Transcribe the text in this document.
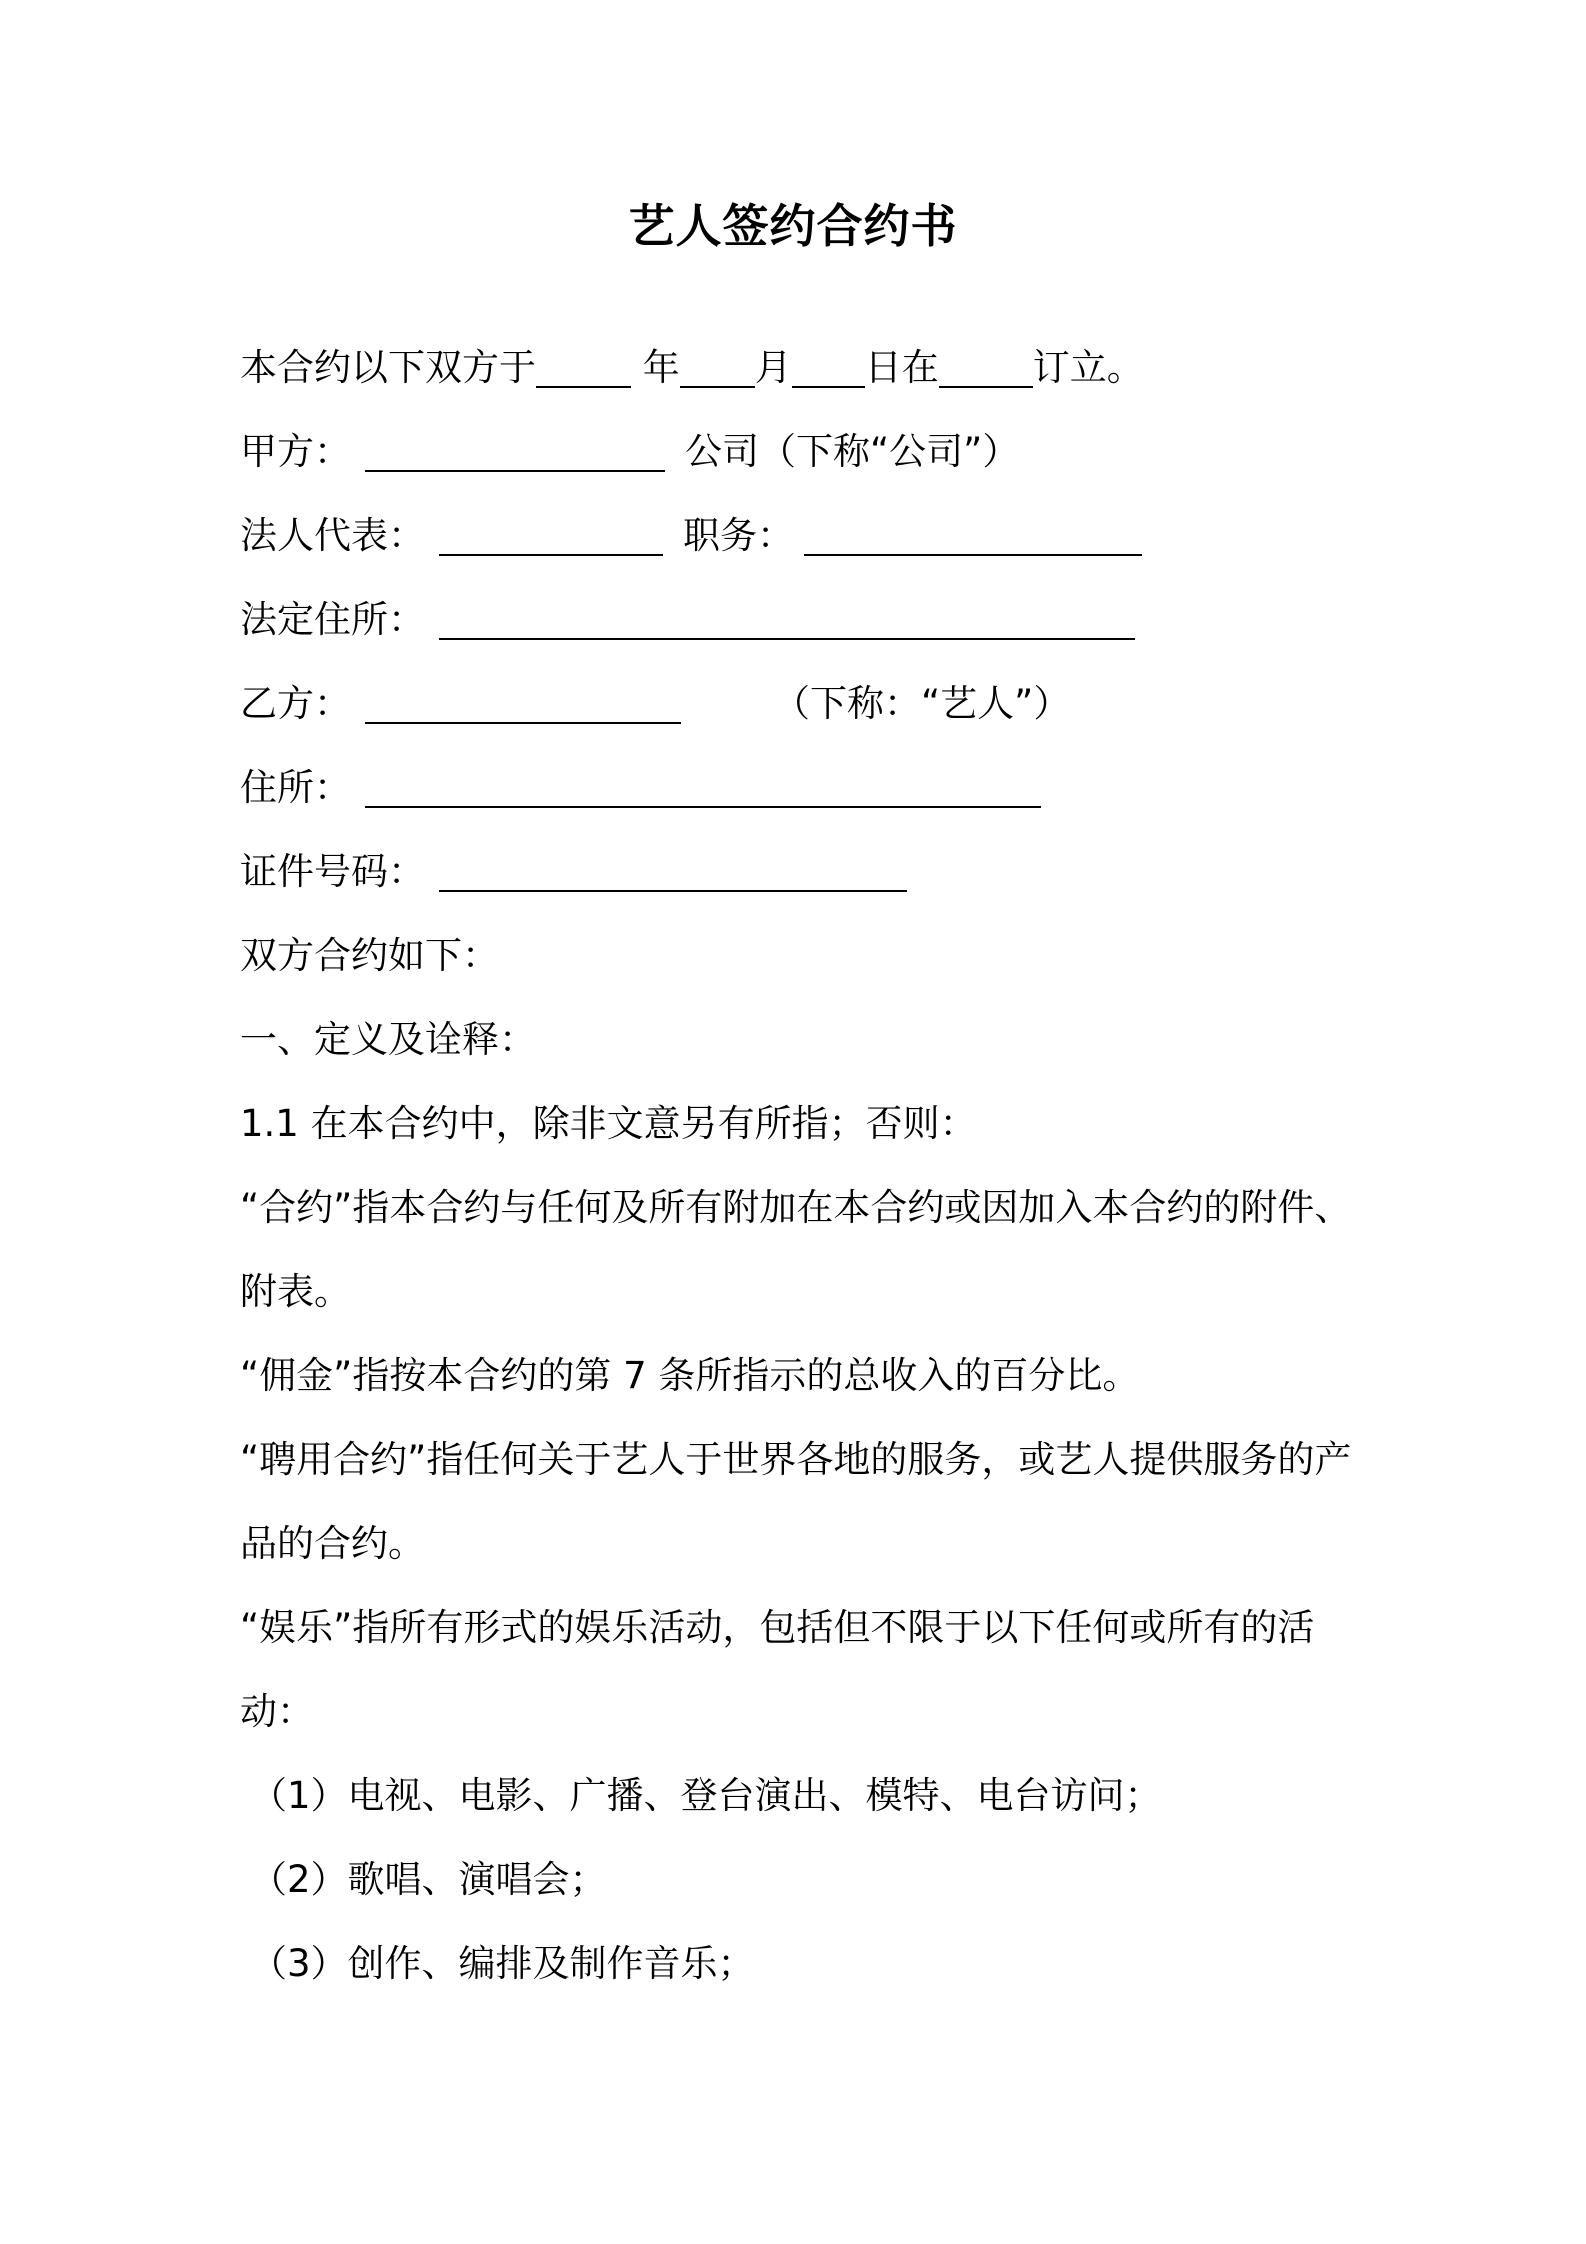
艺人签约合约书
本合约以下双方于	年 月 日在	订立。
甲方：	公司（下称“公司”）
法人代表：	职务：
法定住所：
乙方：	（下称：“艺人”）
住所：
证件号码：
双方合约如下：
一、定义及诠释：
1.1 在本合约中，除非文意另有所指；否则：
“合约”指本合约与任何及所有附加在本合约或因加入本合约的附件、附表。
“佣金”指按本合约的第 7 条所指示的总收入的百分比。
“聘用合约”指任何关于艺人于世界各地的服务，或艺人提供服务的产品的合约。
“娱乐”指所有形式的娱乐活动，包括但不限于以下任何或所有的活动：
（1）电视、电影、广播、登台演出、模特、电台访问；
（2）歌唱、演唱会；
（3）创作、编排及制作音乐；
